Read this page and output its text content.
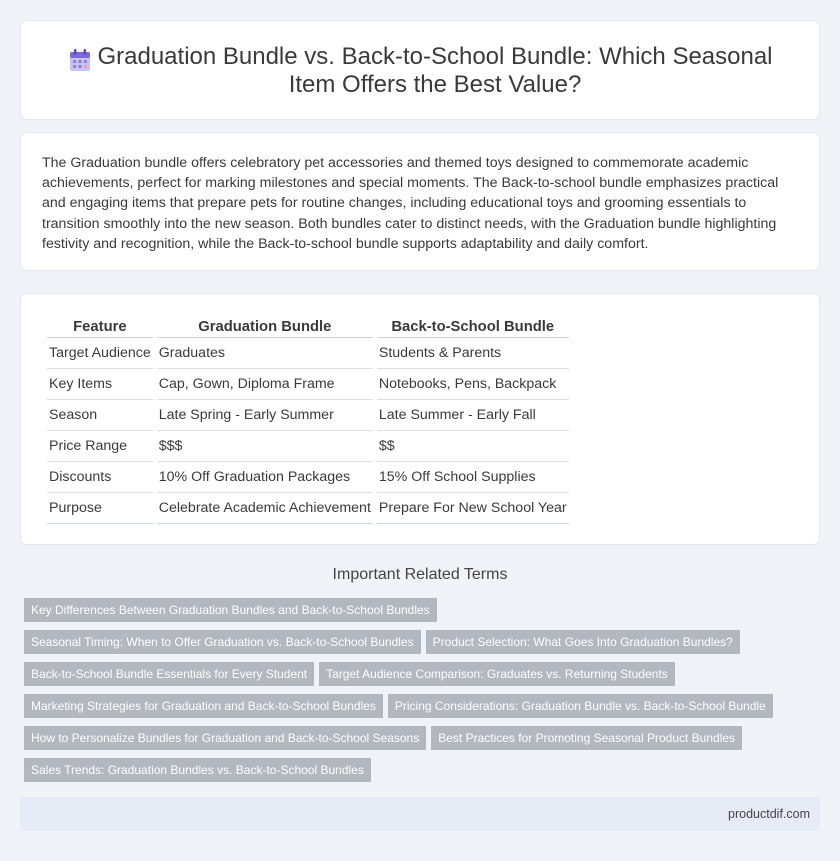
Graduation Bundle vs. Back-to-School Bundle: Which Seasonal Item Offers the Best Value?

The Graduation bundle offers celebratory pet accessories and themed toys designed to commemorate academic achievements, perfect for marking milestones and special moments. The Back-to-school bundle emphasizes practical and engaging items that prepare pets for routine changes, including educational toys and grooming essentials to transition smoothly into the new season. Both bundles cater to distinct needs, with the Graduation bundle highlighting festivity and recognition, while the Back-to-school bundle supports adaptability and daily comfort.

Feature	Graduation Bundle	Back-to-School Bundle
Target Audience	Graduates	Students & Parents
Key Items	Cap, Gown, Diploma Frame	Notebooks, Pens, Backpack
Season	Late Spring - Early Summer	Late Summer - Early Fall
Price Range	$$$	$$
Discounts	10% Off Graduation Packages	15% Off School Supplies
Purpose	Celebrate Academic Achievement	Prepare For New School Year
Important Related Terms
Key Differences Between Graduation Bundles and Back-to-School Bundles
Seasonal Timing: When to Offer Graduation vs. Back-to-School Bundles Product Selection: What Goes Into Graduation Bundles?
Back-to-School Bundle Essentials for Every Student Target Audience Comparison: Graduates vs. Returning Students
Marketing Strategies for Graduation and Back-to-School Bundles Pricing Considerations: Graduation Bundle vs. Back-to-School Bundle
How to Personalize Bundles for Graduation and Back-to-School Seasons Best Practices for Promoting Seasonal Product Bundles
Sales Trends: Graduation Bundles vs. Back-to-School Bundles
productdif.com
